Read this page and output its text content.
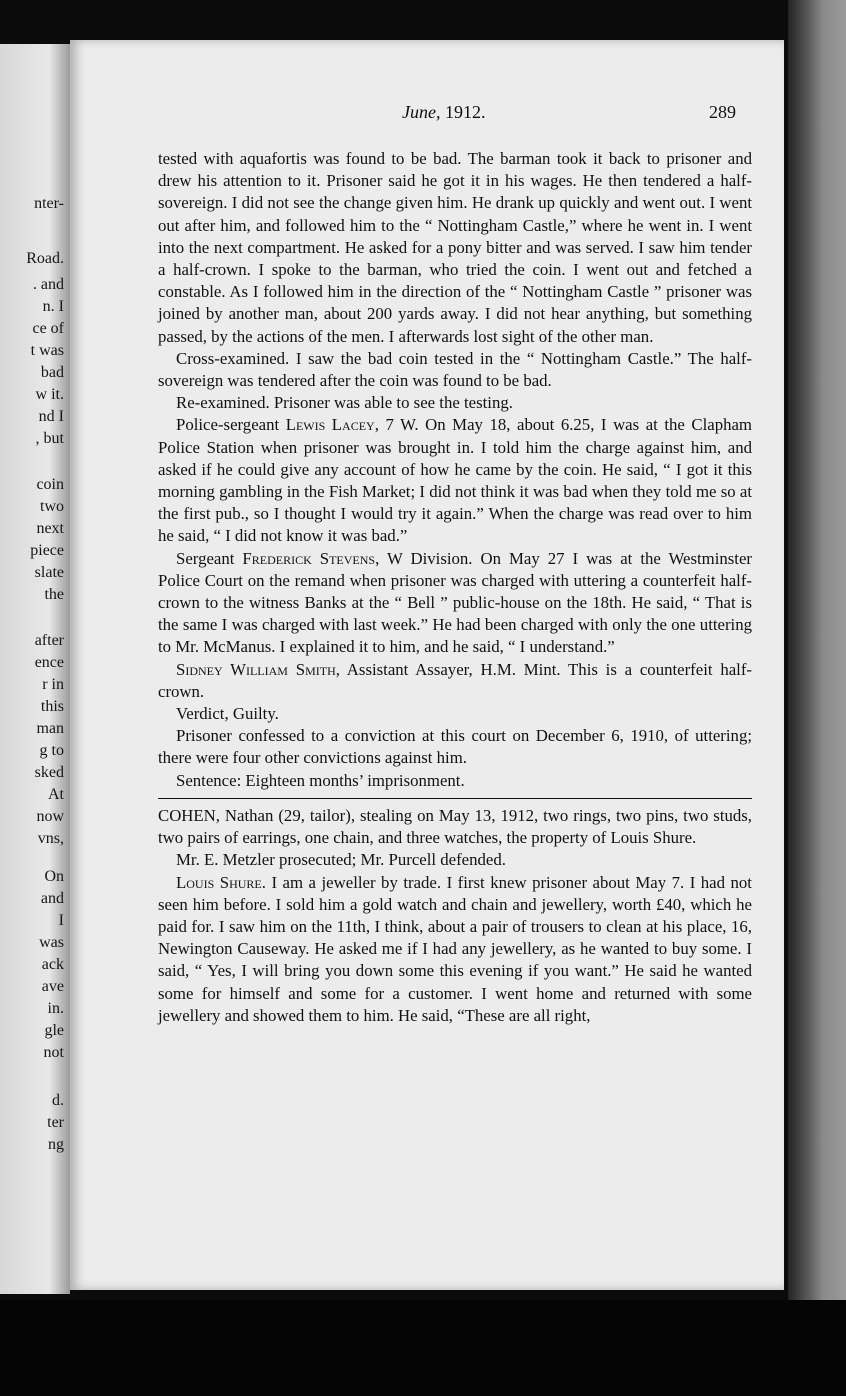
nter-
Road.
. and
n. I
ce of
t was
bad
w it.
nd I
, but
coin
two
next
piece
slate
the
after
ence
r in
this
man
g to
sked
At
now
vns,
On
and
I
was
ack
ave
in.
gle
not
d.
ter
ng
June, 1912.	289

tested with aquafortis was found to be bad. The barman took it back to prisoner and drew his attention to it. Prisoner said he got it in his wages. He then tendered a half-sovereign. I did not see the change given him. He drank up quickly and went out. I went out after him, and followed him to the “ Nottingham Castle,” where he went in. I went into the next compartment. He asked for a pony bitter and was served. I saw him tender a half-crown. I spoke to the barman, who tried the coin. I went out and fetched a constable. As I followed him in the direction of the “ Nottingham Castle ” prisoner was joined by another man, about 200 yards away. I did not hear anything, but something passed, by the actions of the men. I afterwards lost sight of the other man.

Cross-examined. I saw the bad coin tested in the “ Nottingham Castle.” The half-sovereign was tendered after the coin was found to be bad.

Re-examined. Prisoner was able to see the testing.

Police-sergeant Lewis Lacey, 7 W. On May 18, about 6.25, I was at the Clapham Police Station when prisoner was brought in. I told him the charge against him, and asked if he could give any account of how he came by the coin. He said, “ I got it this morning gambling in the Fish Market; I did not think it was bad when they told me so at the first pub., so I thought I would try it again.” When the charge was read over to him he said, “ I did not know it was bad.”

Sergeant Frederick Stevens, W Division. On May 27 I was at the Westminster Police Court on the remand when prisoner was charged with uttering a counterfeit half-crown to the witness Banks at the “ Bell ” public-house on the 18th. He said, “ That is the same I was charged with last week.” He had been charged with only the one uttering to Mr. McManus. I explained it to him, and he said, “ I understand.”

Sidney William Smith, Assistant Assayer, H.M. Mint. This is a counterfeit half-crown.

Verdict, Guilty.

Prisoner confessed to a conviction at this court on December 6, 1910, of uttering; there were four other convictions against him.

Sentence: Eighteen months’ imprisonment.

COHEN, Nathan (29, tailor), stealing on May 13, 1912, two rings, two pins, two studs, two pairs of earrings, one chain, and three watches, the property of Louis Shure.

Mr. E. Metzler prosecuted; Mr. Purcell defended.

Louis Shure. I am a jeweller by trade. I first knew prisoner about May 7. I had not seen him before. I sold him a gold watch and chain and jewellery, worth £40, which he paid for. I saw him on the 11th, I think, about a pair of trousers to clean at his place, 16, Newington Causeway. He asked me if I had any jewellery, as he wanted to buy some. I said, “ Yes, I will bring you down some this evening if you want.” He said he wanted some for himself and some for a customer. I went home and returned with some jewellery and showed them to him. He said, “These are all right,
